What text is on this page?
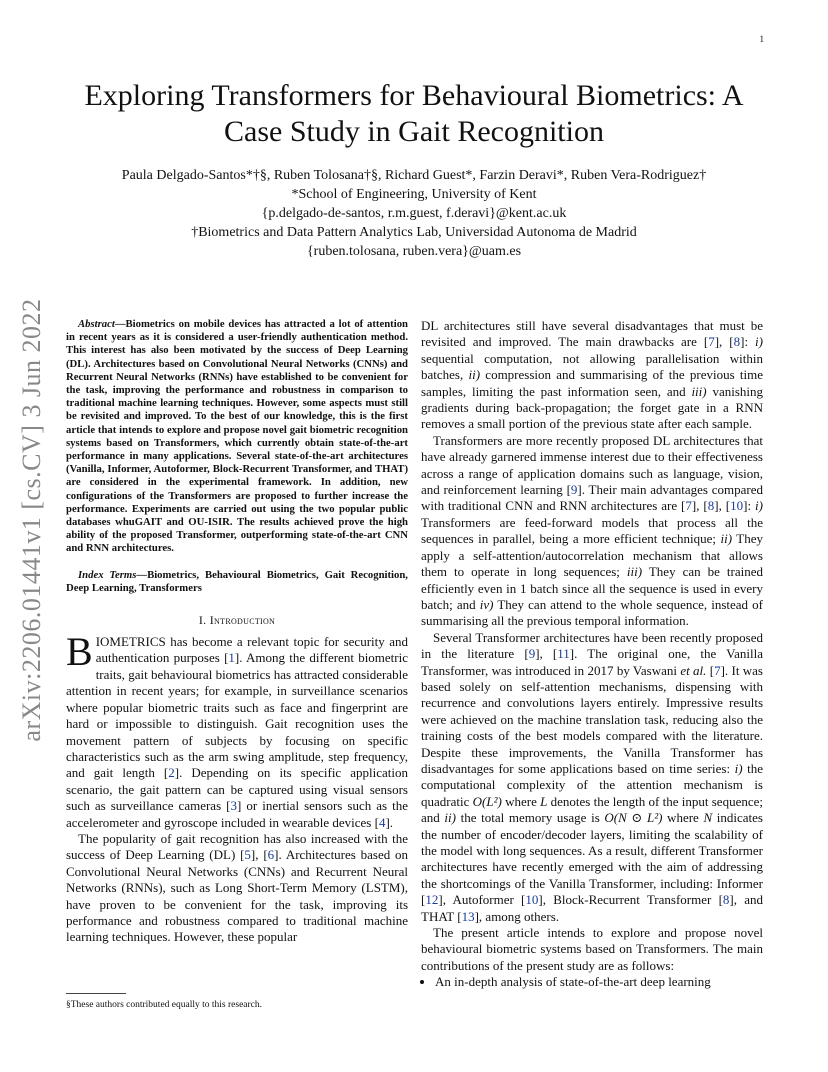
1
arXiv:2206.01441v1 [cs.CV] 3 Jun 2022
Exploring Transformers for Behavioural Biometrics: A Case Study in Gait Recognition
Paula Delgado-Santos*†§, Ruben Tolosana†§, Richard Guest*, Farzin Deravi*, Ruben Vera-Rodriguez†
*School of Engineering, University of Kent
{p.delgado-de-santos, r.m.guest, f.deravi}@kent.ac.uk
†Biometrics and Data Pattern Analytics Lab, Universidad Autonoma de Madrid
{ruben.tolosana, ruben.vera}@uam.es

Abstract—Biometrics on mobile devices has attracted a lot of attention in recent years as it is considered a user-friendly authentication method. This interest has also been motivated by the success of Deep Learning (DL). Architectures based on Convolutional Neural Networks (CNNs) and Recurrent Neural Networks (RNNs) have established to be convenient for the task, improving the performance and robustness in comparison to traditional machine learning techniques. However, some aspects must still be revisited and improved. To the best of our knowledge, this is the first article that intends to explore and propose novel gait biometric recognition systems based on Transformers, which currently obtain state-of-the-art performance in many applications. Several state-of-the-art architectures (Vanilla, Informer, Autoformer, Block-Recurrent Transformer, and THAT) are considered in the experimental framework. In addition, new configurations of the Transformers are proposed to further increase the performance. Experiments are carried out using the two popular public databases whuGAIT and OU-ISIR. The results achieved prove the high ability of the proposed Transformer, outperforming state-of-the-art CNN and RNN architectures.

Index Terms—Biometrics, Behavioural Biometrics, Gait Recognition, Deep Learning, Transformers

I. Introduction

BIOMETRICS has become a relevant topic for security and authentication purposes [ 1 ] . Among the different biometric traits, gait behavioural biometrics has attracted considerable attention in recent years; for example, in surveillance scenarios where popular biometric traits such as face and fingerprint are hard or impossible to distinguish. Gait recognition uses the movement pattern of subjects by focusing on specific characteristics such as the arm swing amplitude, step frequency, and gait length [ 2 ] . Depending on its specific application scenario, the gait pattern can be captured using visual sensors such as surveillance cameras [ 3 ] or inertial sensors such as the accelerometer and gyroscope included in wearable devices [ 4 ] .

The popularity of gait recognition has also increased with the success of Deep Learning (DL) [ 5 ] , [ 6 ] . Architectures based on Convolutional Neural Networks (CNNs) and Recurrent Neural Networks (RNNs), such as Long Short-Term Memory (LSTM), have proven to be convenient for the task, improving its performance and robustness compared to traditional machine learning techniques. However, these popular

§These authors contributed equally to this research.

DL architectures still have several disadvantages that must be revisited and improved. The main drawbacks are [ 7 ] , [ 8 ] : i) sequential computation, not allowing parallelisation within batches, ii) compression and summarising of the previous time samples, limiting the past information seen, and iii) vanishing gradients during back-propagation; the forget gate in a RNN removes a small portion of the previous state after each sample.

Transformers are more recently proposed DL architectures that have already garnered immense interest due to their effectiveness across a range of application domains such as language, vision, and reinforcement learning [ 9 ] . Their main advantages compared with traditional CNN and RNN architectures are [ 7 ] , [ 8 ] , [ 10 ] : i) Transformers are feed-forward models that process all the sequences in parallel, being a more efficient technique; ii) They apply a self-attention/autocorrelation mechanism that allows them to operate in long sequences; iii) They can be trained efficiently even in 1 batch since all the sequence is used in every batch; and iv) They can attend to the whole sequence, instead of summarising all the previous temporal information.

Several Transformer architectures have been recently proposed in the literature [ 9 ] , [ 11 ] . The original one, the Vanilla Transformer, was introduced in 2017 by Vaswani et al. [ 7 ] . It was based solely on self-attention mechanisms, dispensing with recurrence and convolutions layers entirely. Impressive results were achieved on the machine translation task, reducing also the training costs of the best models compared with the literature. Despite these improvements, the Vanilla Transformer has disadvantages for some applications based on time series: i) the computational complexity of the attention mechanism is quadratic O(L²) where L denotes the length of the input sequence; and ii) the total memory usage is O(N ⊙ L²) where N indicates the number of encoder/decoder layers, limiting the scalability of the model with long sequences. As a result, different Transformer architectures have recently emerged with the aim of addressing the shortcomings of the Vanilla Transformer, including: Informer [ 12 ] , Autoformer [ 10 ] , Block-Recurrent Transformer [ 8 ] , and THAT [ 13 ] , among others.

The present article intends to explore and propose novel behavioural biometric systems based on Transformers. The main contributions of the present study are as follows:

• An in-depth analysis of state-of-the-art deep learning
